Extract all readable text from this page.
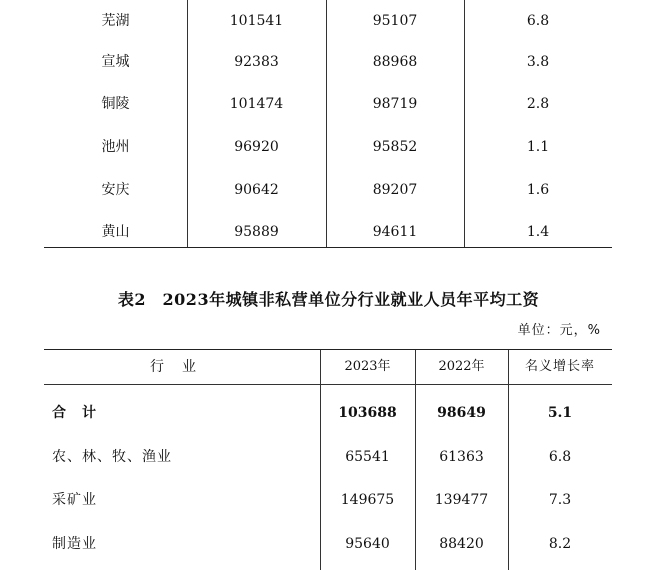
芜湖	101541	95107	6.8
宣城	92383	88968	3.8
铜陵	101474	98719	2.8
池州	96920	95852	1.1
安庆	90642	89207	1.6
黄山	95889	94611	1.4
表2　2023年城镇非私营单位分行业就业人员年平均工资
单位：元，%
行业	2023年	2022年	名义增长率
合　计	103688	98649	5.1
农、林、牧、渔业	65541	61363	6.8
采矿业	149675	139477	7.3
制造业	95640	88420	8.2
